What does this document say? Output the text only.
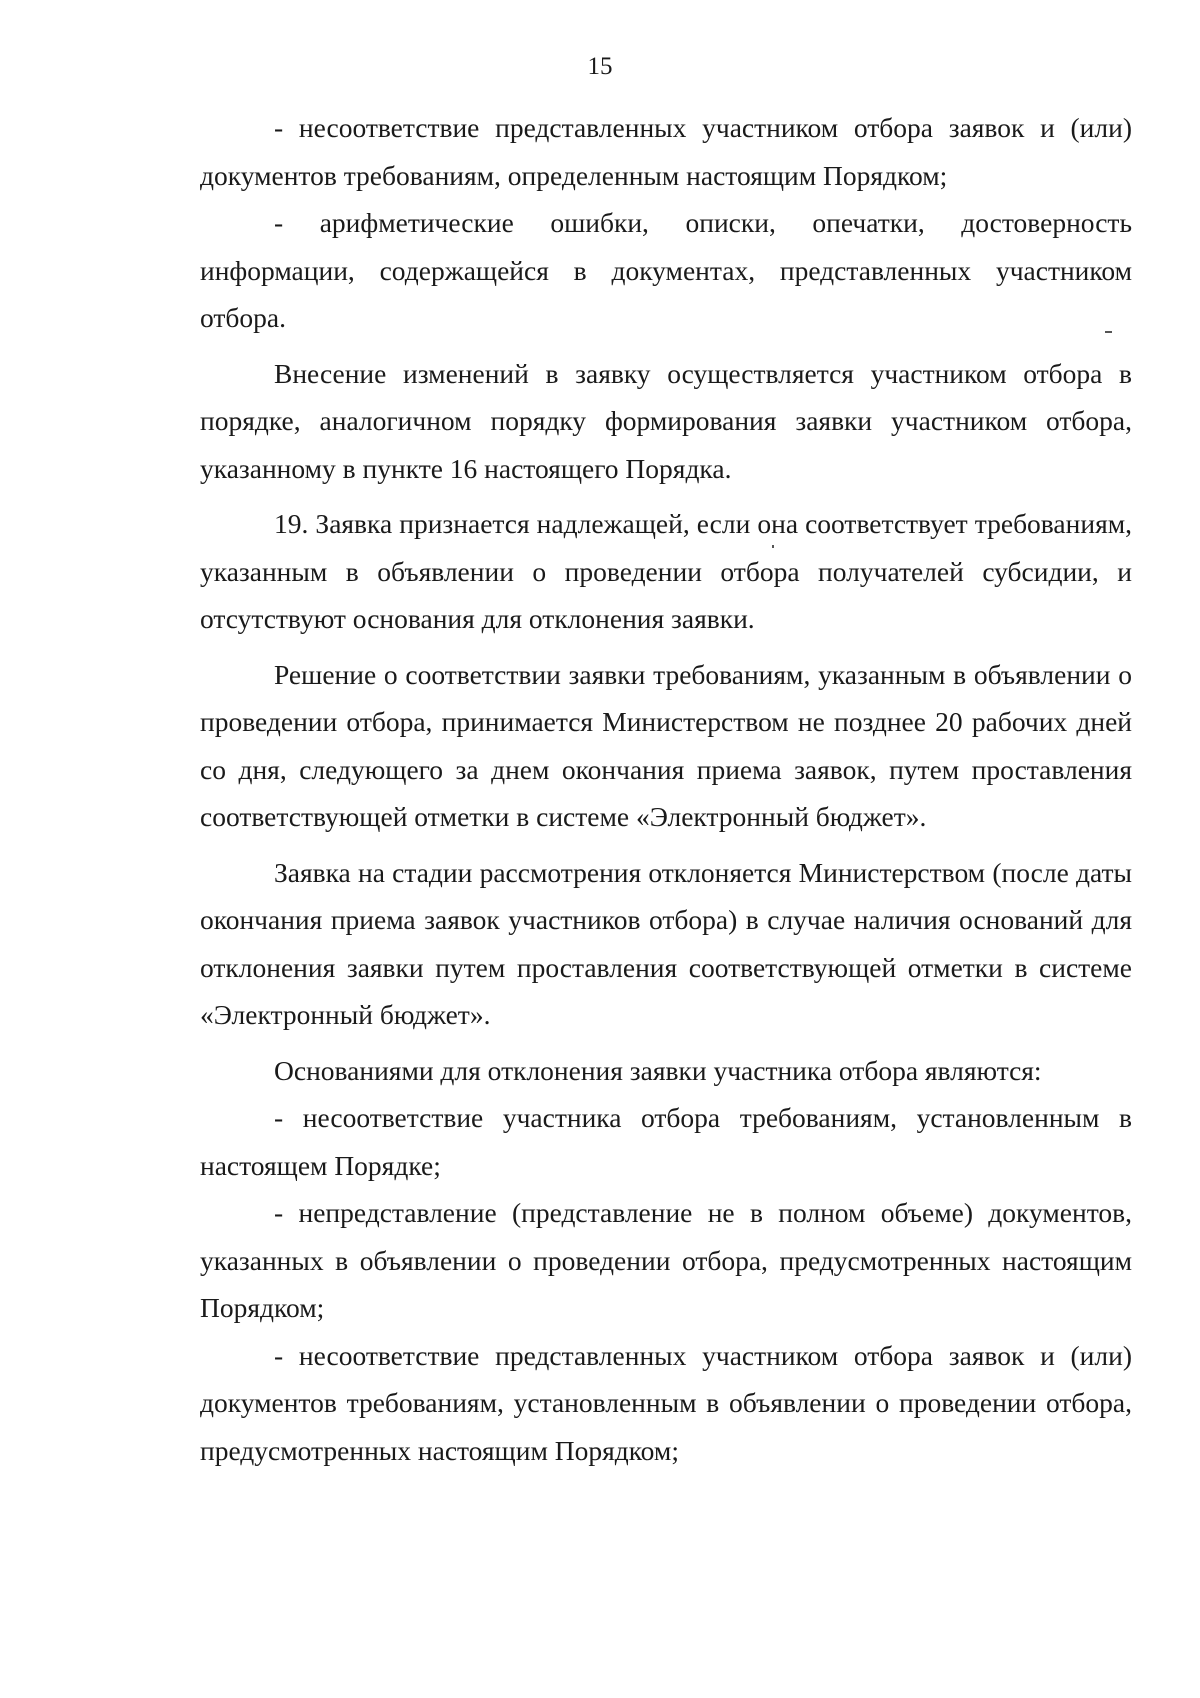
15

- несоответствие представленных участником отбора заявок и (или) документов требованиям, определенным настоящим Порядком;

- арифметические ошибки, описки, опечатки, достоверность информации, содержащейся в документах, представленных участником отбора.

Внесение изменений в заявку осуществляется участником отбора в порядке, аналогичном порядку формирования заявки участником отбора, указанному в пункте 16 настоящего Порядка.

19. Заявка признается надлежащей, если она соответствует требованиям, указанным в объявлении о проведении отбора получателей субсидии, и отсутствуют основания для отклонения заявки.

Решение о соответствии заявки требованиям, указанным в объявлении о проведении отбора, принимается Министерством не позднее 20 рабочих дней со дня, следующего за днем окончания приема заявок, путем проставления соответствующей отметки в системе «Электронный бюджет».

Заявка на стадии рассмотрения отклоняется Министерством (после даты окончания приема заявок участников отбора) в случае наличия оснований для отклонения заявки путем проставления соответствующей отметки в системе «Электронный бюджет».

Основаниями для отклонения заявки участника отбора являются:

- несоответствие участника отбора требованиям, установленным в настоящем Порядке;

- непредставление (представление не в полном объеме) документов, указанных в объявлении о проведении отбора, предусмотренных настоящим Порядком;

- несоответствие представленных участником отбора заявок и (или) документов требованиям, установленным в объявлении о проведении отбора, предусмотренных настоящим Порядком;
